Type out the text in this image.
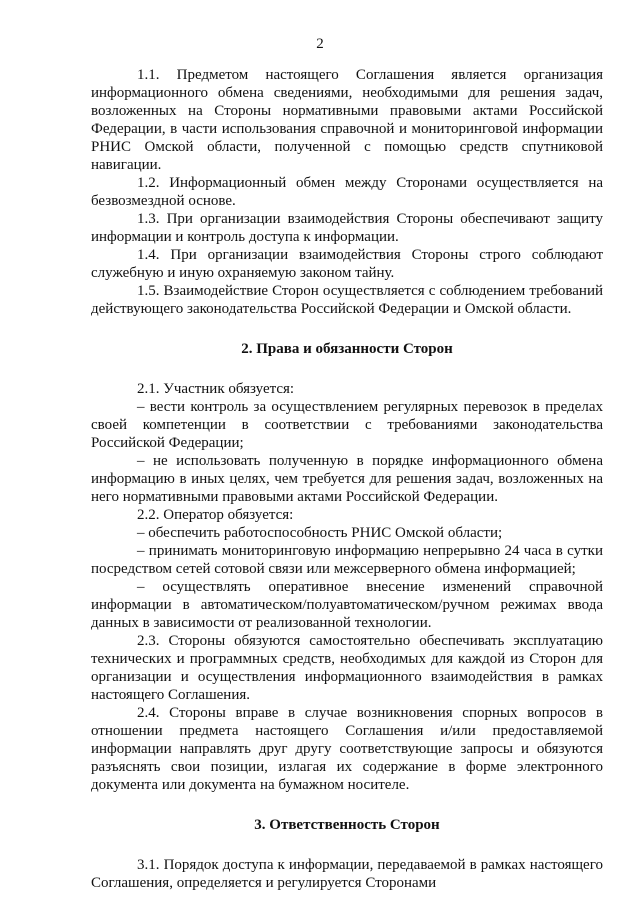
2

1.1. Предметом настоящего Соглашения является организация информационного обмена сведениями, необходимыми для решения задач, возложенных на Стороны нормативными правовыми актами Российской Федерации, в части использования справочной и мониторинговой информации РНИС Омской области, полученной с помощью средств спутниковой навигации.

1.2. Информационный обмен между Сторонами осуществляется на безвозмездной основе.

1.3. При организации взаимодействия Стороны обеспечивают защиту информации и контроль доступа к информации.

1.4. При организации взаимодействия Стороны строго соблюдают служебную и иную охраняемую законом тайну.

1.5. Взаимодействие Сторон осуществляется с соблюдением требований действующего законодательства Российской Федерации и Омской области.

2. Права и обязанности Сторон

2.1. Участник обязуется:

– вести контроль за осуществлением регулярных перевозок в пределах своей компетенции в соответствии с требованиями законодательства Российской Федерации;

– не использовать полученную в порядке информационного обмена информацию в иных целях, чем требуется для решения задач, возложенных на него нормативными правовыми актами Российской Федерации.

2.2. Оператор обязуется:

– обеспечить работоспособность РНИС Омской области;

– принимать мониторинговую информацию непрерывно 24 часа в сутки посредством сетей сотовой связи или межсерверного обмена информацией;

– осуществлять оперативное внесение изменений справочной информации в автоматическом/полуавтоматическом/ручном режимах ввода данных в зависимости от реализованной технологии.

2.3. Стороны обязуются самостоятельно обеспечивать эксплуатацию технических и программных средств, необходимых для каждой из Сторон для организации и осуществления информационного взаимодействия в рамках настоящего Соглашения.

2.4. Стороны вправе в случае возникновения спорных вопросов в отношении предмета настоящего Соглашения и/или предоставляемой информации направлять друг другу соответствующие запросы и обязуются разъяснять свои позиции, излагая их содержание в форме электронного документа или документа на бумажном носителе.

3. Ответственность Сторон

3.1. Порядок доступа к информации, передаваемой в рамках настоящего Соглашения, определяется и регулируется Сторонами
